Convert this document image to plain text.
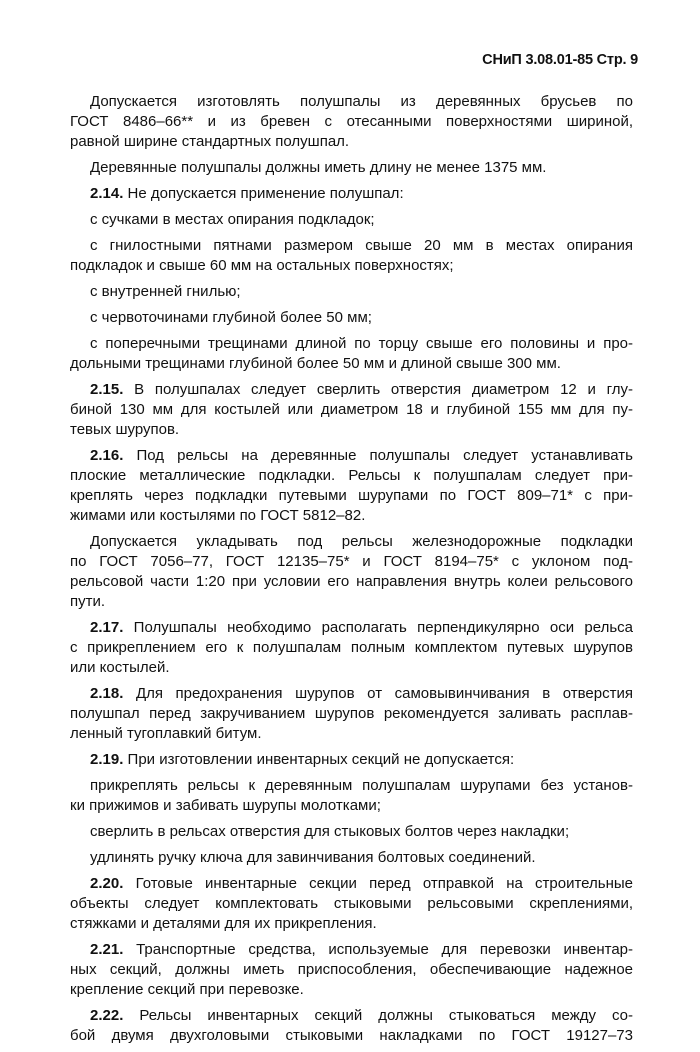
СНиП 3.08.01-85 Стр. 9
Допускается изготовлять полушпалы из деревянных брусьев по
ГОСТ 8486–66** и из бревен с отесанными поверхностями шириной,
равной ширине стандартных полушпал.
Деревянные полушпалы должны иметь длину не менее 1375 мм.
2.14. Не допускается применение полушпал:
с сучками в местах опирания подкладок;
с гнилостными пятнами размером свыше 20 мм в местах опирания
подкладок и свыше 60 мм на остальных поверхностях;
с внутренней гнилью;
с червоточинами глубиной более 50 мм;
с поперечными трещинами длиной по торцу свыше его половины и про-
дольными трещинами глубиной более 50 мм и длиной свыше 300 мм.
2.15. В полушпалах следует сверлить отверстия диаметром 12 и глу-
биной 130 мм для костылей или диаметром 18 и глубиной 155 мм для пу-
тевых шурупов.
2.16. Под рельсы на деревянные полушпалы следует устанавливать
плоские металлические подкладки. Рельсы к полушпалам следует при-
креплять через подкладки путевыми шурупами по ГОСТ 809–71* с при-
жимами или костылями по ГОСТ 5812–82.
Допускается укладывать под рельсы железнодорожные подкладки
по ГОСТ 7056–77, ГОСТ 12135–75* и ГОСТ 8194–75* с уклоном под-
рельсовой части 1:20 при условии его направления внутрь колеи рельсового
пути.
2.17. Полушпалы необходимо располагать перпендикулярно оси рельса
с прикреплением его к полушпалам полным комплектом путевых шурупов
или костылей.
2.18. Для предохранения шурупов от самовывинчивания в отверстия
полушпал перед закручиванием шурупов рекомендуется заливать расплав-
ленный тугоплавкий битум.
2.19. При изготовлении инвентарных секций не допускается:
прикреплять рельсы к деревянным полушпалам шурупами без установ-
ки прижимов и забивать шурупы молотками;
сверлить в рельсах отверстия для стыковых болтов через накладки;
удлинять ручку ключа для завинчивания болтовых соединений.
2.20. Готовые инвентарные секции перед отправкой на строительные
объекты следует комплектовать стыковыми рельсовыми скреплениями,
стяжками и деталями для их прикрепления.
2.21. Транспортные средства, используемые для перевозки инвентар-
ных секций, должны иметь приспособления, обеспечивающие надежное
крепление секций при перевозке.
2.22. Рельсы инвентарных секций должны стыковаться между со-
бой двумя двухголовыми стыковыми накладками по ГОСТ 19127–73
